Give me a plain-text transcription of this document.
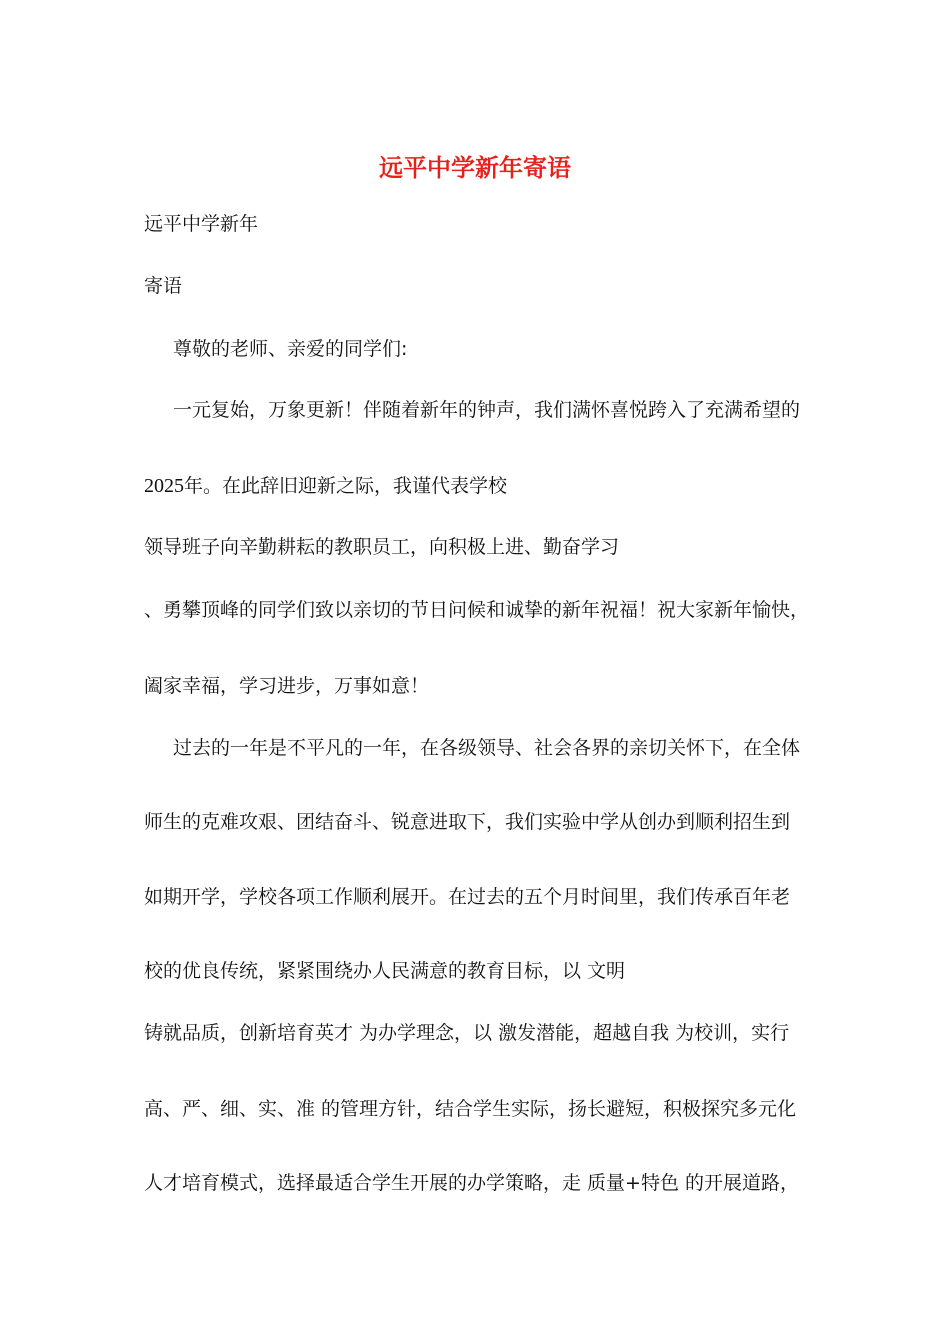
远平中学新年寄语
远平中学新年
寄语
尊敬的老师、亲爱的同学们:
一元复始，万象更新！伴随着新年的钟声，我们满怀喜悦跨入了充满希望的
2025年。在此辞旧迎新之际，我谨代表学校
领导班子向辛勤耕耘的教职员工，向积极上进、勤奋学习
、勇攀顶峰的同学们致以亲切的节日问候和诚挚的新年祝福！祝大家新年愉快，
阖家幸福，学习进步，万事如意！
过去的一年是不平凡的一年，在各级领导、社会各界的亲切关怀下，在全体
师生的克难攻艰、团结奋斗、锐意进取下，我们实验中学从创办到顺利招生到
如期开学，学校各项工作顺利展开。在过去的五个月时间里，我们传承百年老
校的优良传统，紧紧围绕办人民满意的教育目标，以 文明
铸就品质，创新培育英才 为办学理念，以 激发潜能，超越自我 为校训，实行
高、严、细、实、准 的管理方针，结合学生实际，扬长避短，积极探究多元化
人才培育模式，选择最适合学生开展的办学策略，走 质量+特色 的开展道路，
